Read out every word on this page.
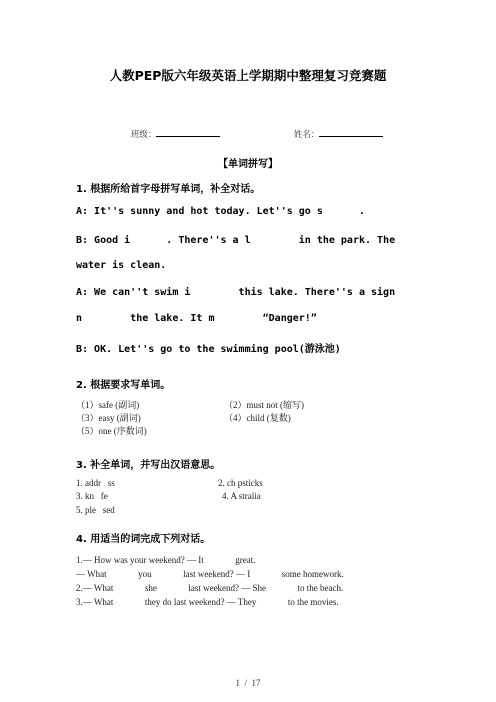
人教PEP版六年级英语上学期期中整理复习竞赛题

班级：
	姓名：

【单词拼写】
1. 根据所给首字母拼写单词，补全对话。
A: It''s sunny and hot today. Let''s go s      .
B: Good i      . There''s a l        in the park. The
water is clean.
A: We can''t swim i        this lake. There''s a sign
n        the lake. It m        “Danger!”
B: OK. Let''s go to the swimming pool(游泳池)
2. 根据要求写单词。
（1）safe (副词)	（2）must not (缩写)
（3）easy (副词)	（4）child (复数)
（5）one (序数词)
3. 补全单词，并写出汉语意思。
1. addr   ss	2. ch psticks
3. kn   fe	4. A stralia
5. ple   sed
4. 用适当的词完成下列对话。
1.— How was your weekend? — It              great.
— What              you              last weekend? — I              some homework.
2.— What              she              last weekend? — She              to the beach.
3.— What              they do last weekend? — They              to the movies.
1  /  17
